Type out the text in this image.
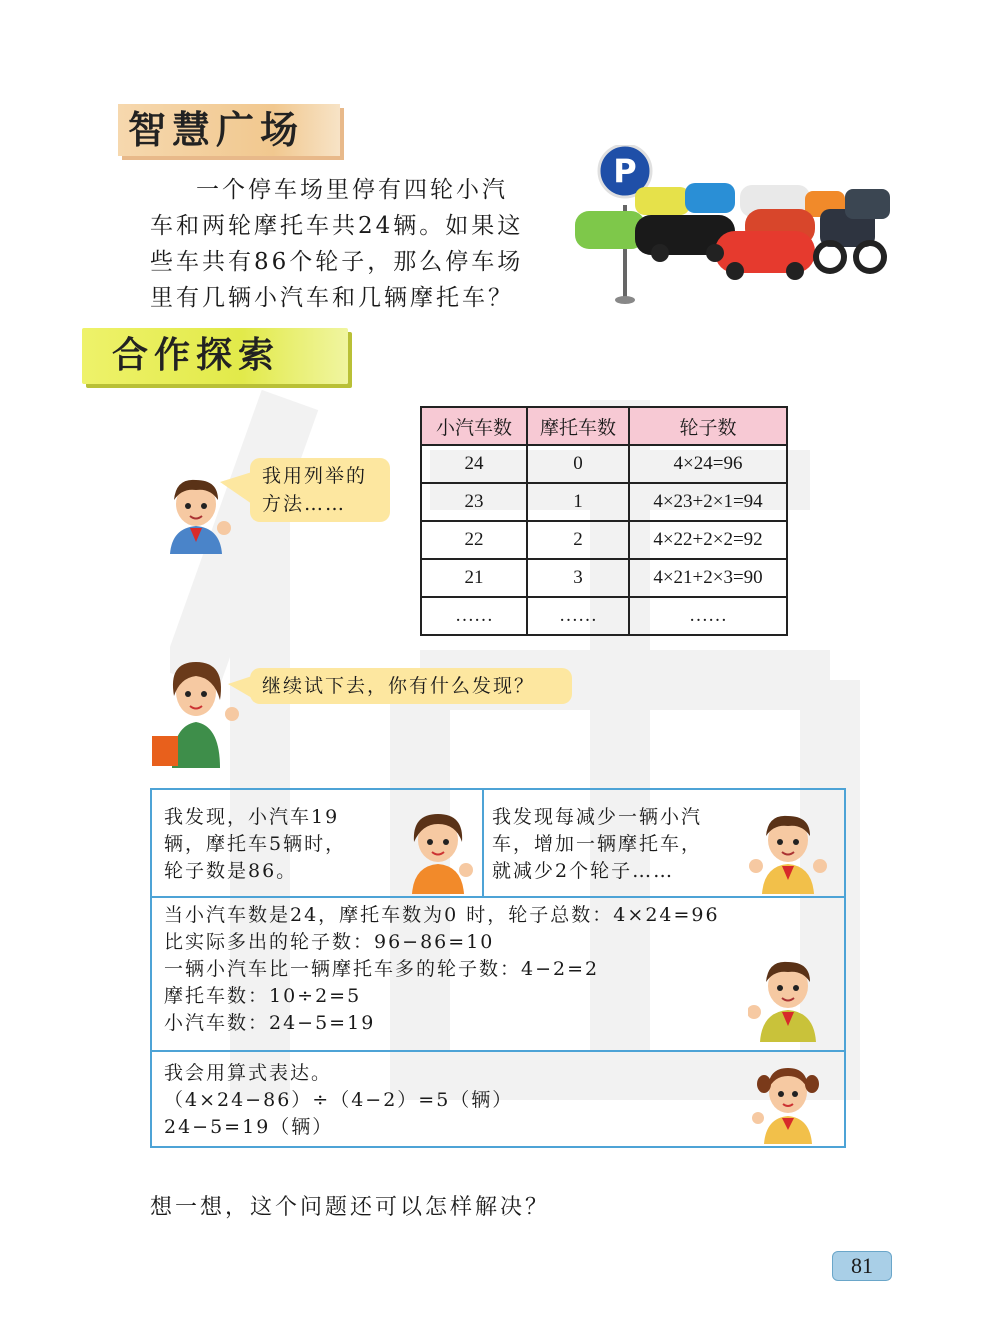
智慧广场

一个停车场里停有四轮小汽

车和两轮摩托车共24辆。如果这
些车共有86个轮子，那么停车场
里有几辆小汽车和几辆摩托车？
P
合作探索
我用列举的
方法……
小汽车数	摩托车数	轮子数
24	0	4×24=96
23	1	4×23+2×1=94
22	2	4×22+2×2=92
21	3	4×21+2×3=90
……	……	……
继续试下去，你有什么发现？
我发现，小汽车19
辆，摩托车5辆时，
轮子数是86。
我发现每减少一辆小汽
车，增加一辆摩托车，
就减少2个轮子……
当小汽车数是24，摩托车数为0 时，轮子总数：4×24=96
比实际多出的轮子数：96−86=10
一辆小汽车比一辆摩托车多的轮子数：4−2=2
摩托车数：10÷2=5
小汽车数：24−5=19
我会用算式表达。
（4×24−86）÷（4−2）=5（辆）
24−5=19（辆）
想一想，这个问题还可以怎样解决？
81
